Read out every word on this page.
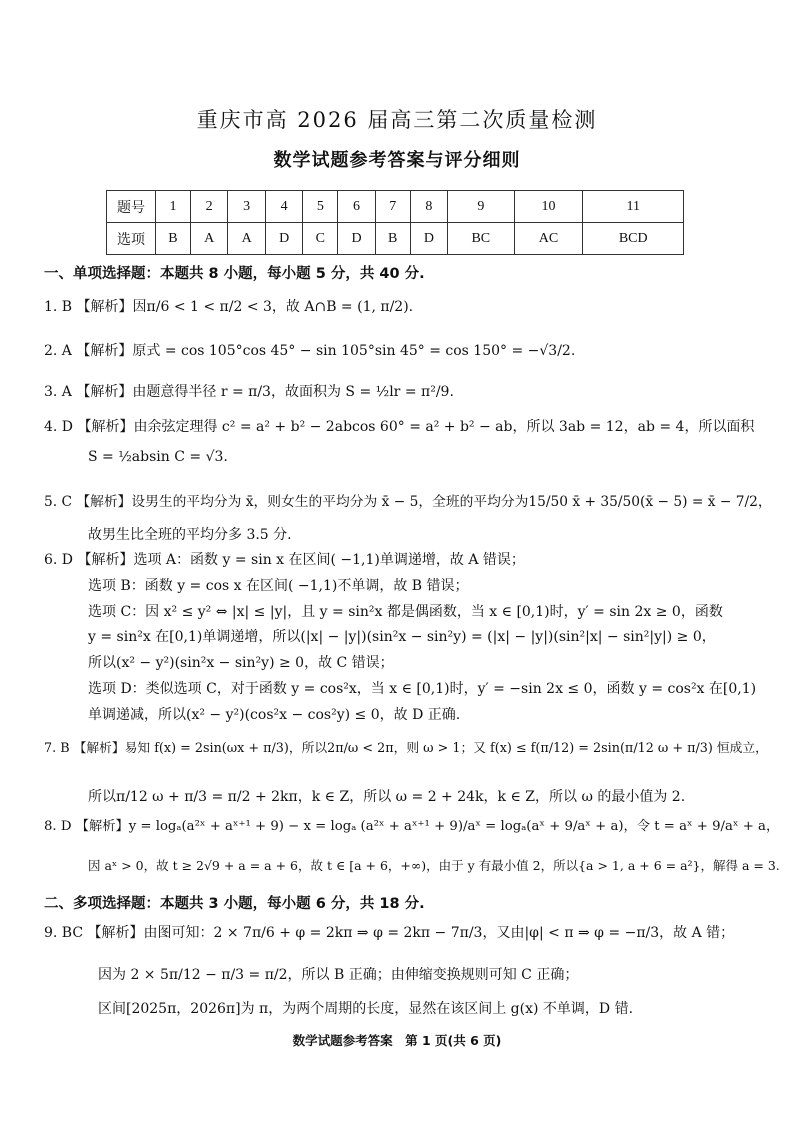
重庆市高 2026 届高三第二次质量检测
数学试题参考答案与评分细则
题号	1	2	3	4	5	6	7	8	9	10	11
选项	B	A	A	D	C	D	B	D	BC	AC	BCD
一、单项选择题：本题共 8 小题，每小题 5 分，共 40 分.
1. B 【解析】因π/6 < 1 < π/2 < 3，故 A∩B = (1, π/2).
2. A 【解析】原式 = cos 105°cos 45° − sin 105°sin 45° = cos 150° = −√3/2.
3. A 【解析】由题意得半径 r = π/3，故面积为 S = ½lr = π²/9.
4. D 【解析】由余弦定理得 c² = a² + b² − 2abcos 60° = a² + b² − ab，所以 3ab = 12，ab = 4，所以面积
S = ½absin C = √3.
5. C 【解析】设男生的平均分为 x̄，则女生的平均分为 x̄ − 5，全班的平均分为15/50 x̄ + 35/50(x̄ − 5) = x̄ − 7/2，
故男生比全班的平均分多 3.5 分.
6. D 【解析】选项 A：函数 y = sin x 在区间( −1,1)单调递增，故 A 错误；
选项 B：函数 y = cos x 在区间( −1,1)不单调，故 B 错误；
选项 C：因 x² ≤ y² ⇔ |x| ≤ |y|，且 y = sin²x 都是偶函数，当 x ∈ [0,1)时，y′ = sin 2x ≥ 0，函数
y = sin²x 在[0,1)单调递增，所以(|x| − |y|)(sin²x − sin²y) = (|x| − |y|)(sin²|x| − sin²|y|) ≥ 0，
所以(x² − y²)(sin²x − sin²y) ≥ 0，故 C 错误；
选项 D：类似选项 C，对于函数 y = cos²x，当 x ∈ [0,1)时，y′ = −sin 2x ≤ 0，函数 y = cos²x 在[0,1)
单调递减，所以(x² − y²)(cos²x − cos²y) ≤ 0，故 D 正确.
7. B 【解析】易知 f(x) = 2sin(ωx + π/3)，所以2π/ω < 2π，则 ω > 1；又 f(x) ≤ f(π/12) = 2sin(π/12 ω + π/3) 恒成立，
所以π/12 ω + π/3 = π/2 + 2kπ，k ∈ Z，所以 ω = 2 + 24k，k ∈ Z，所以 ω 的最小值为 2.
8. D 【解析】y = logₐ(a²ˣ + aˣ⁺¹ + 9) − x = logₐ (a²ˣ + aˣ⁺¹ + 9)/aˣ = logₐ(aˣ + 9/aˣ + a)，令 t = aˣ + 9/aˣ + a，
因 aˣ > 0，故 t ≥ 2√9 + a = a + 6，故 t ∈ [a + 6，+∞)，由于 y 有最小值 2，所以{a > 1, a + 6 = a²}，解得 a = 3.
二、多项选择题：本题共 3 小题，每小题 6 分，共 18 分.
9. BC 【解析】由图可知：2 × 7π/6 + φ = 2kπ ⇒ φ = 2kπ − 7π/3，又由|φ| < π ⇒ φ = −π/3，故 A 错；
因为 2 × 5π/12 − π/3 = π/2，所以 B 正确；由伸缩变换规则可知 C 正确；
区间[2025π，2026π]为 π，为两个周期的长度，显然在该区间上 g(x) 不单调，D 错.
数学试题参考答案　第 1 页(共 6 页)
